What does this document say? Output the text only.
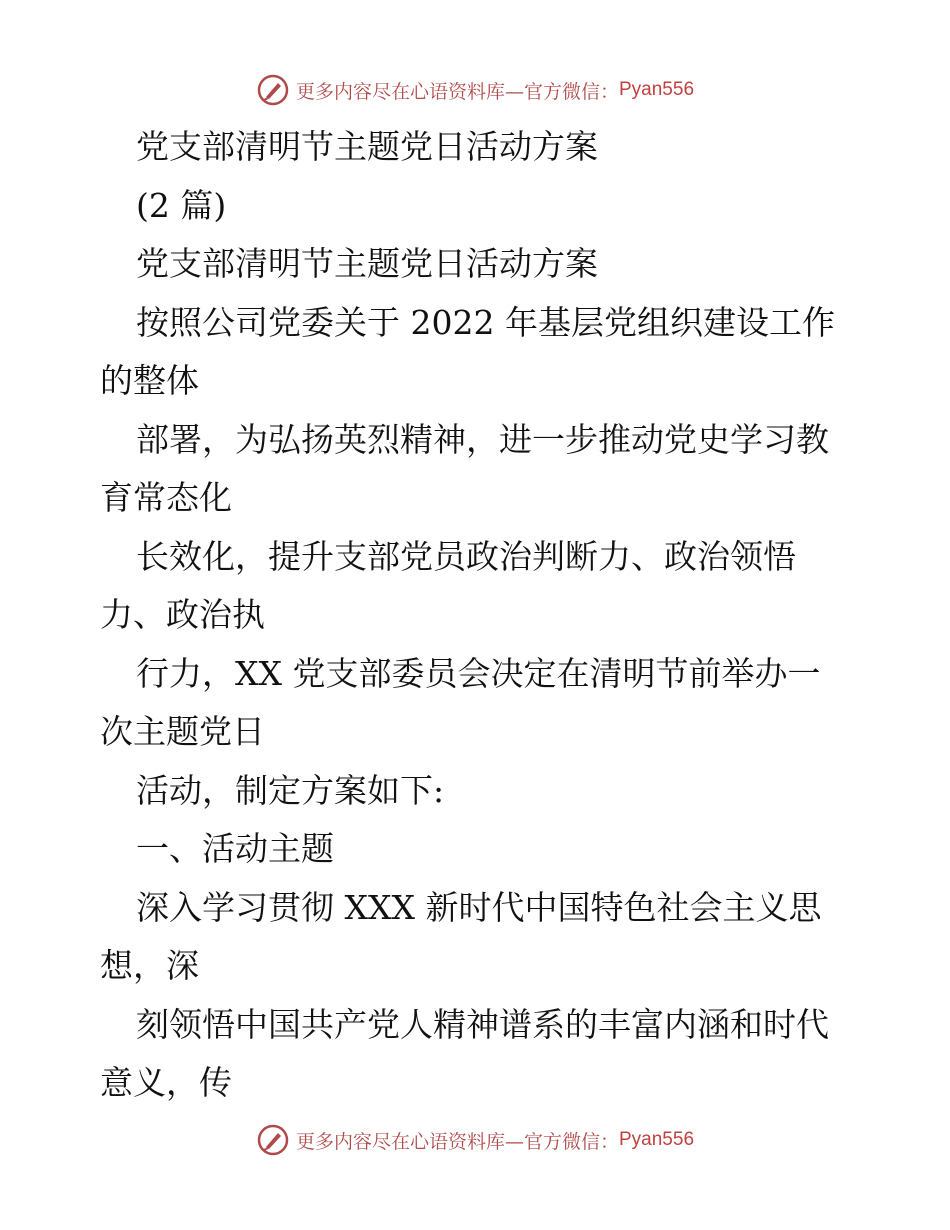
更多内容尽在心语资料库—官方微信： Pyan556
党支部清明节主题党日活动方案
(2 篇)
党支部清明节主题党日活动方案
按照公司党委关于 2022 年基层党组织建设工作
的整体
部署，为弘扬英烈精神，进一步推动党史学习教
育常态化
长效化，提升支部党员政治判断力、政治领悟
力、政治执
行力，XX 党支部委员会决定在清明节前举办一
次主题党日
活动，制定方案如下:
一、活动主题
深入学习贯彻 XXX 新时代中国特色社会主义思
想，深
刻领悟中国共产党人精神谱系的丰富内涵和时代
意义，传
更多内容尽在心语资料库—官方微信： Pyan556
